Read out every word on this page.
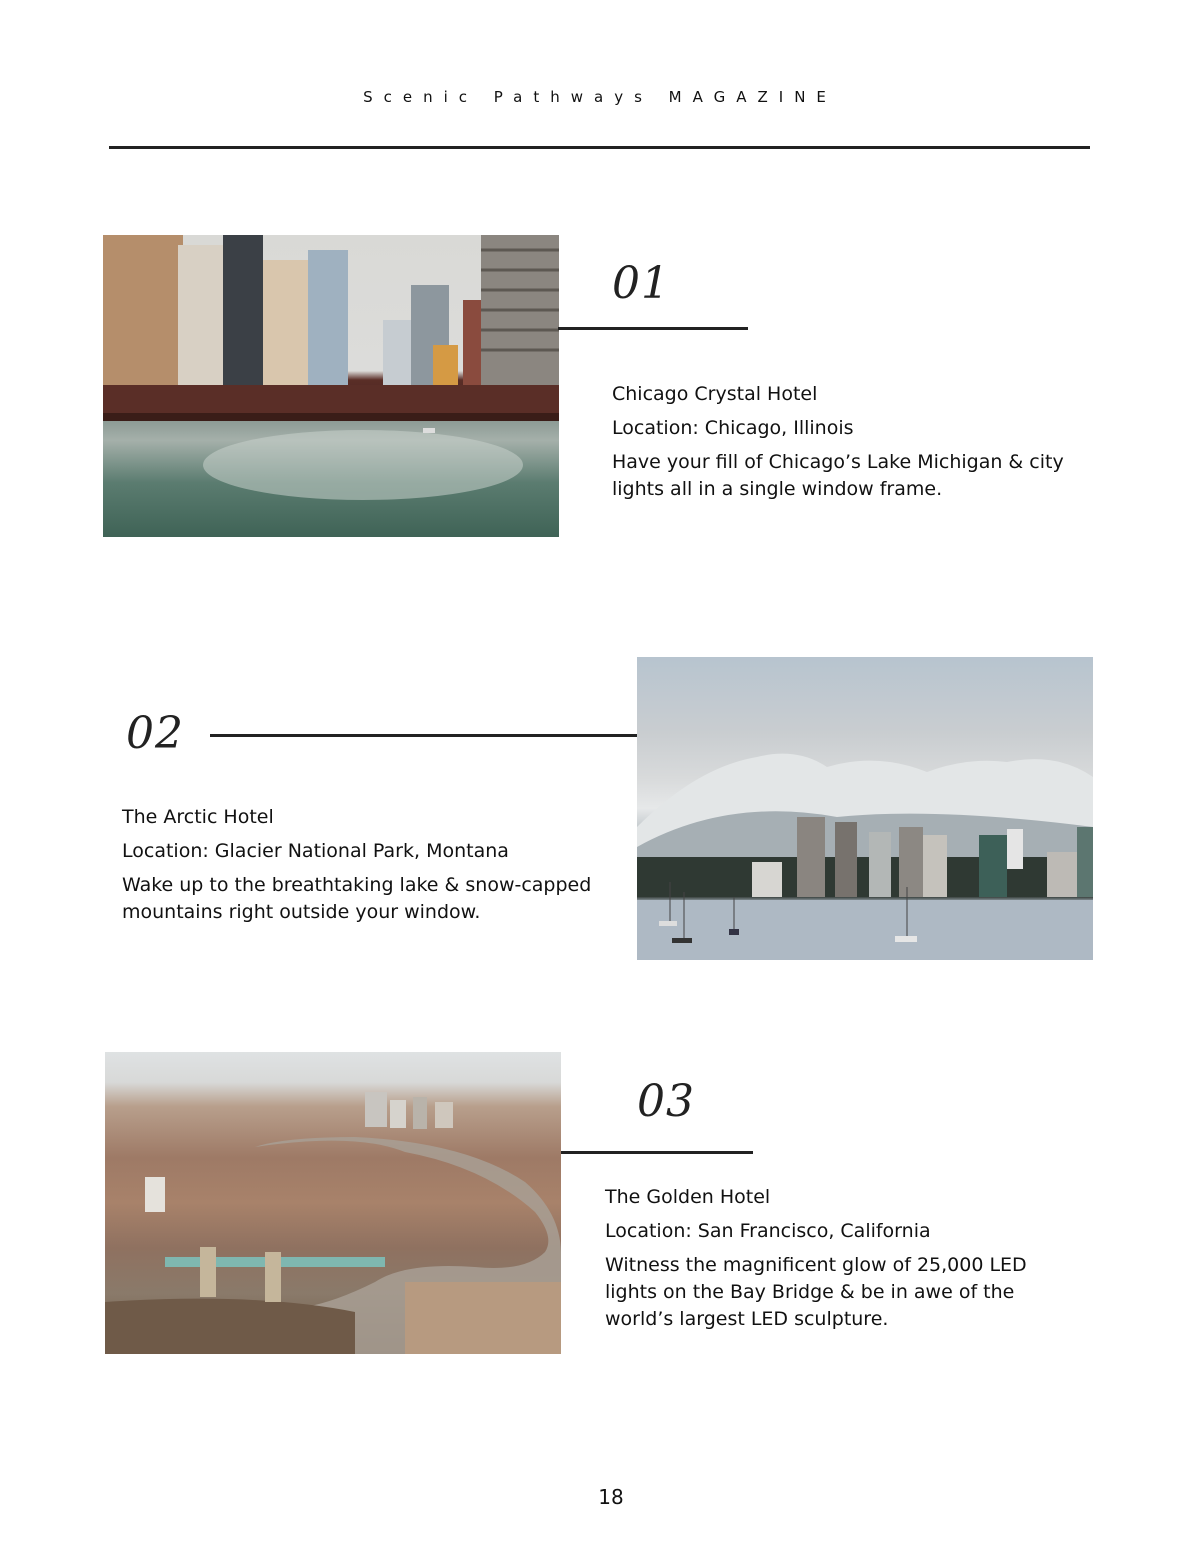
Scenic Pathways MAGAZINE
01
Chicago Crystal Hotel
Location: Chicago, Illinois
Have your fill of Chicago’s Lake Michigan & city lights all in a single window frame.
02
The Arctic Hotel
Location: Glacier National Park, Montana
Wake up to the breathtaking lake & snow-capped mountains right outside your window.
03
The Golden Hotel
Location: San Francisco, California
Witness the magnificent glow of 25,000 LED lights on the Bay Bridge & be in awe of the world’s largest LED sculpture.
18
